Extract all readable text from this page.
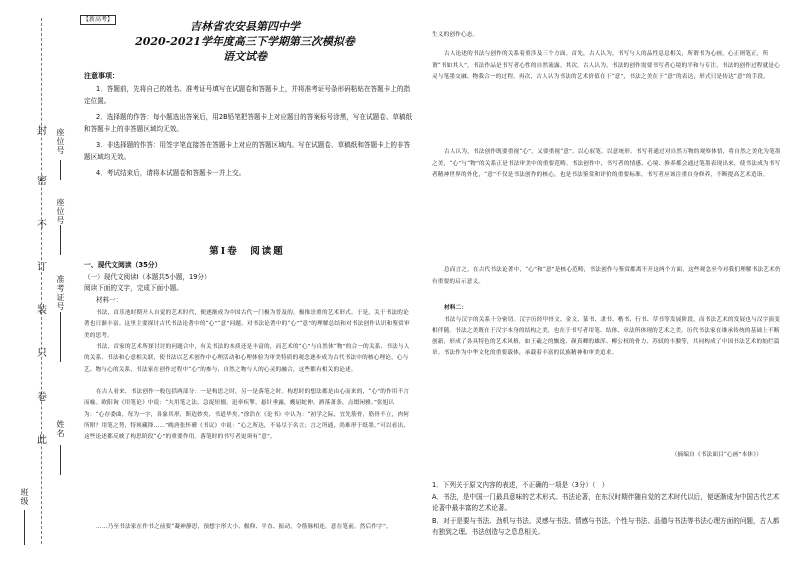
封
密
不
订
装
只
卷
此
座位号
座位号
准考证号
姓名
班级
【新高考】
吉林省农安县第四中学
2020-2021学年度高三下学期第三次模拟卷
语文试卷

注意事项：

1．答题前，先将自己的姓名、准考证号填写在试题卷和答题卡上，并将准考证号条形码粘贴在答题卡上的指定位置。

2．选择题的作答：每小题选出答案后，用2B铅笔把答题卡上对应题目的答案标号涂黑，写在试题卷、草稿纸和答题卡上的非答题区域均无效。

3．非选择题的作答：用签字笔直接答在答题卡上对应的答题区域内。写在试题卷、草稿纸和答题卡上的非答题区域均无效。

4．考试结束后，请将本试题卷和答题卡一并上交。

第Ⅰ卷　阅读题

一、现代文阅读（35分）

（一）现代文阅读Ⅰ（本题共5小题，19分）

阅读下面的文字，完成下面小题。

材料一：

书法，首乐池时期开人自觉的艺术时代，便逐渐成为中国古代一门极为普及的，极推崇重的艺术形式。于是，关于书法的论著也日渐丰富。这里主要探讨古代书法论著中的“心”“意”问题。对书法论著中的“心”“意”的理解总结和对书法创作认识和鉴赏审美的思考。

书法，首家的艺术所探讨讨的问题合中，有关书法的本质还是丰富的，而艺术的“心”与自然体“物”的合一的关系、书法与人的关系、书法和心意相关联，使书法以艺术创作中心理活动和心理体验为审美特质的观念逐步成为古代书法中的核心理论，心与艺、物与心的关系，书法家在创作过程中“心”的参与，自然之物与人的心灵的融合，这些都有相关的论述。

在古人看来，书法创作一般包括两部分：一是构思之时，另一是落笔之时。构思时的想法都是由心而来的，“心”的作用不言而喻。欧阳询《用笔论》中说：“夫用笔之法，急捉短搦，迅牵疾掣，悬针垂露，蠖屈蛇伸，洒落萧条，点缀闲雅。”张旭认为：“心存委曲，每为一字，各象其形，斯造妙矣，书道毕矣。”徐浩在《论书》中认为：“初学之际，宜先筋骨，筋骨不立，肉何所附？用笔之势，特须藏锋……”晚唐张怀瓘《书议》中说：“心之所达，不易尽于名言；言之所通，尚难形于纸墨。”可以看出，这些论述都反映了构思阶段“心”的重要作用。落笔时的书写者更须有“意”。

……乃至书法家在作书之前要“凝神静思，预想字形大小、偃仰、平直、振动，令筋脉相连，意在笔前，然后作字”。

生义的创作心态。

古人论述的书法与创作的关系着重涉及三个方面。首先，古人认为，书写与人的品性息息相关，所谓书为心画，心正则笔正，所谓“书如其人”，书法作品是书写者心性的自然流露。其次，古人认为，书法的创作需要书写者心境的平和与专注，书法的创作过程就是心灵与笔墨交融、物我合一的过程。再次，古人认为书法的艺术价值在于“意”，书法之美在于“意”的表达，形式只是传达“意”的手段。

古人认为，书法创作既要重视“心”，又要重视“意”。以心驭笔，以意统形。书写者通过对自然万物的观察体悟，将自然之美化为笔墨之美，“心”与“物”的关系正是书法审美中的重要范畴。书法创作中，书写者的情感、心境、修养都会通过笔墨表现出来，使书法成为书写者精神世界的外化，“意”不仅是书法创作的核心，也是书法鉴赏和评价的重要标准。书写者应该注重自身修养，不断提高艺术造诣。

总而言之，在古代书法论著中，“心”和“意”是核心范畴，书法创作与鉴赏都离不开这两个方面，这些观念至今对我们理解书法艺术仍有重要的启示意义。

材料二：

书法与汉字的关系十分密切。汉字历经甲骨文、金文、篆书、隶书、楷书、行书、草书等发展阶段，而书法艺术的发展也与汉字演变相伴随。书法之美既在于汉字本身的结构之美，也在于书写者用笔、结体、章法所体现的艺术之美。历代书法家在继承传统的基础上不断创新，形成了各具特色的艺术风格，如王羲之的飘逸、颜真卿的雄浑、柳公权的骨力、苏轼的丰腴等，共同构成了中国书法艺术的灿烂篇章。书法作为中华文化的重要载体，承载着丰富的民族精神和审美追求。

（摘编自《书法面目“心画”本体》）

1．下列关于原文内容的表述，不正确的一项是（3分）（　）

A．书法，是中国一门最具意味的艺术形式。书法论著，在东汉时期伴随自觉的艺术时代以后，便逐渐成为中国古代艺术论著中最丰富的艺术论著。

B．对于是要与书法、劲机与书法、灵感与书法、情感与书法、个性与书法、品德与书法等书法心理方面的问题，古人都有独到之理。书法创造与之息息相关。
